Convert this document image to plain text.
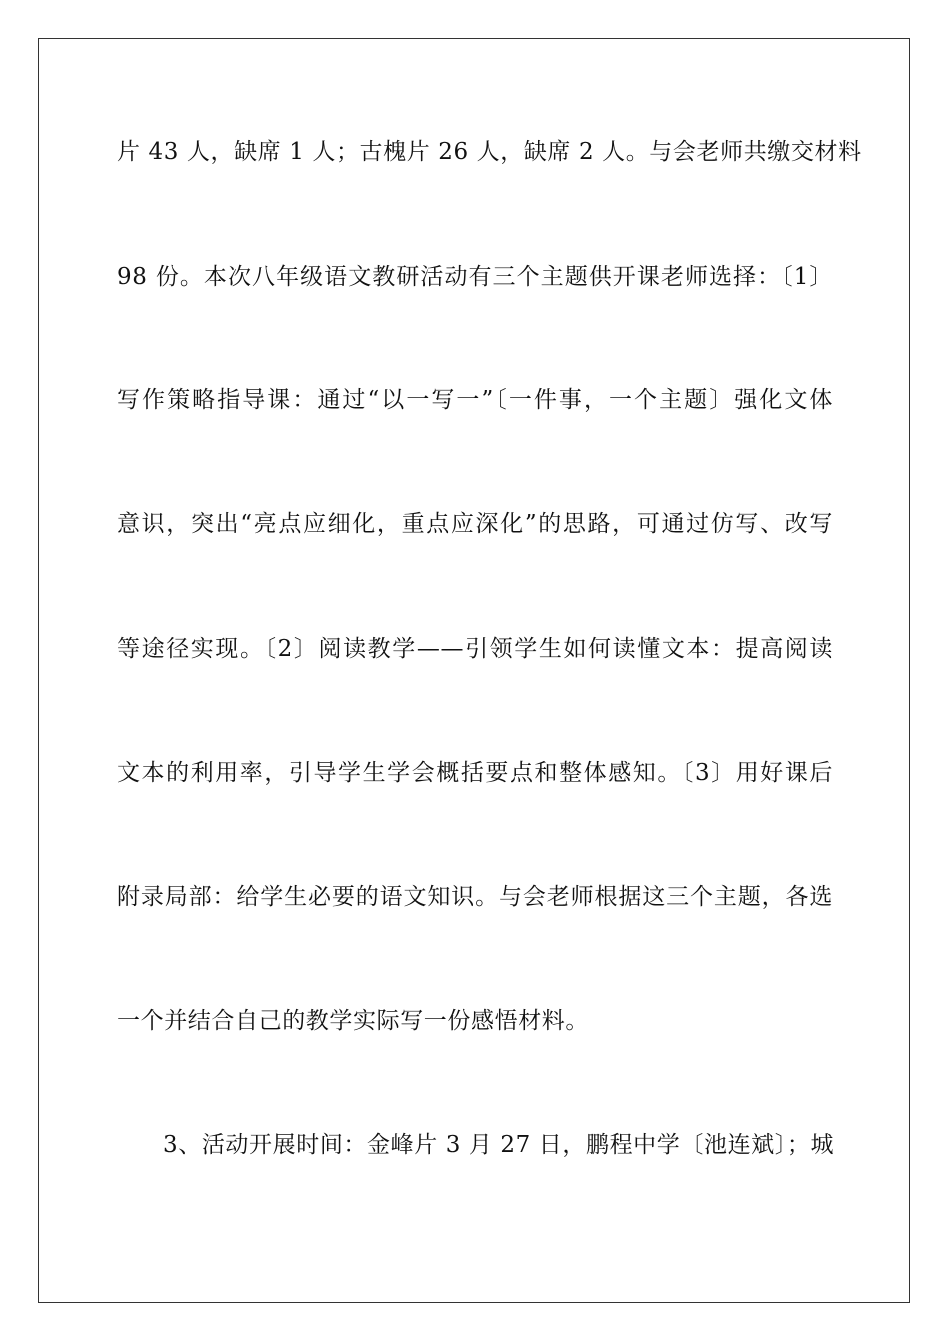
片 43 人，缺席 1 人；古槐片 26 人，缺席 2 人。与会老师共缴交材料
98 份。本次八年级语文教研活动有三个主题供开课老师选择：〔1〕
写作策略指导课：通过“以一写一”〔一件事，一个主题〕强化文体
意识，突出“亮点应细化，重点应深化”的思路，可通过仿写、改写
等途径实现。〔2〕阅读教学——引领学生如何读懂文本：提高阅读
文本的利用率，引导学生学会概括要点和整体感知。〔3〕用好课后
附录局部：给学生必要的语文知识。与会老师根据这三个主题，各选
一个并结合自己的教学实际写一份感悟材料。
3、活动开展时间：金峰片 3 月 27 日，鹏程中学〔池连斌〕；城
